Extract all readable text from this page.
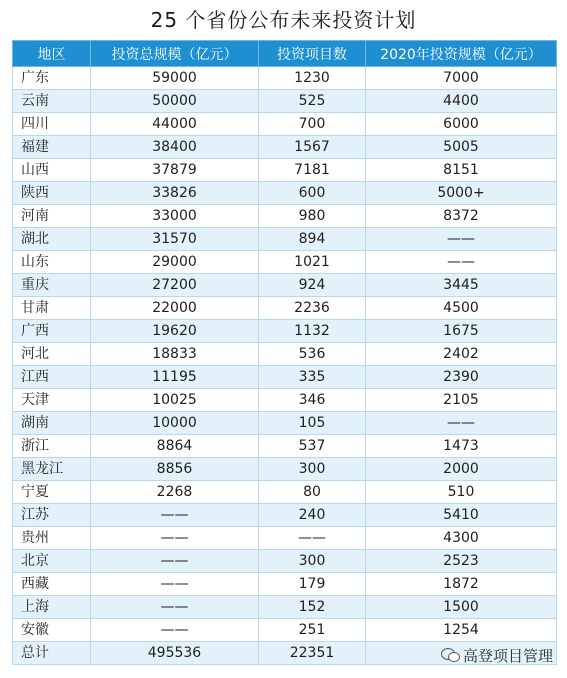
25 个省份公布未来投资计划
地区	投资总规模（亿元）	投资项目数	2020年投资规模（亿元）
广东	59000	1230	7000
云南	50000	525	4400
四川	44000	700	6000
福建	38400	1567	5005
山西	37879	7181	8151
陕西	33826	600	5000+
河南	33000	980	8372
湖北	31570	894	——
山东	29000	1021	——
重庆	27200	924	3445
甘肃	22000	2236	4500
广西	19620	1132	1675
河北	18833	536	2402
江西	11195	335	2390
天津	10025	346	2105
湖南	10000	105	——
浙江	8864	537	1473
黑龙江	8856	300	2000
宁夏	2268	80	510
江苏	——	240	5410
贵州	——	——	4300
北京	——	300	2523
西藏	——	179	1872
上海	——	152	1500
安徽	——	251	1254
总计	495536	22351		高登项目管理
